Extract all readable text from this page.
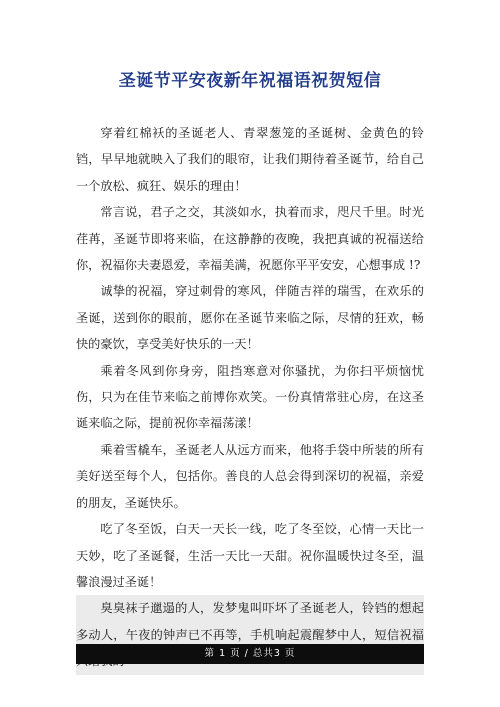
圣诞节平安夜新年祝福语祝贺短信

穿着红棉袄的圣诞老人、青翠葱笼的圣诞树、金黄色的铃铛，早早地就映入了我们的眼帘，让我们期待着圣诞节，给自己一个放松、疯狂、娱乐的理由！

常言说，君子之交，其淡如水，执着而求，咫尺千里。时光荏苒，圣诞节即将来临，在这静静的夜晚，我把真诚的祝福送给你，祝福你夫妻恩爱，幸福美满，祝愿你平平安安，心想事成 !?

诚挚的祝福，穿过刺骨的寒风，伴随吉祥的瑞雪，在欢乐的圣诞，送到你的眼前，愿你在圣诞节来临之际，尽情的狂欢，畅快的豪饮，享受美好快乐的一天！

乘着冬风到你身旁，阻挡寒意对你骚扰，为你扫平烦恼忧伤，只为在佳节来临之前博你欢笑。一份真情常驻心房，在这圣诞来临之际，提前祝你幸福荡漾！

乘着雪橇车，圣诞老人从远方而来，他将手袋中所装的所有美好送至每个人，包括你。善良的人总会得到深切的祝福，亲爱的朋友，圣诞快乐。

吃了冬至饭，白天一天长一线，吃了冬至饺，心情一天比一天妙，吃了圣诞餐，生活一天比一天甜。祝你温暖快过冬至，温馨浪漫过圣诞！

臭臭袜子邋遢的人，发梦鬼叫吓坏了圣诞老人，铃铛的想起多动人，午夜的钟声已不再等，手机响起震醒梦中人，短信祝福

第 1 页 / 总共3 页
